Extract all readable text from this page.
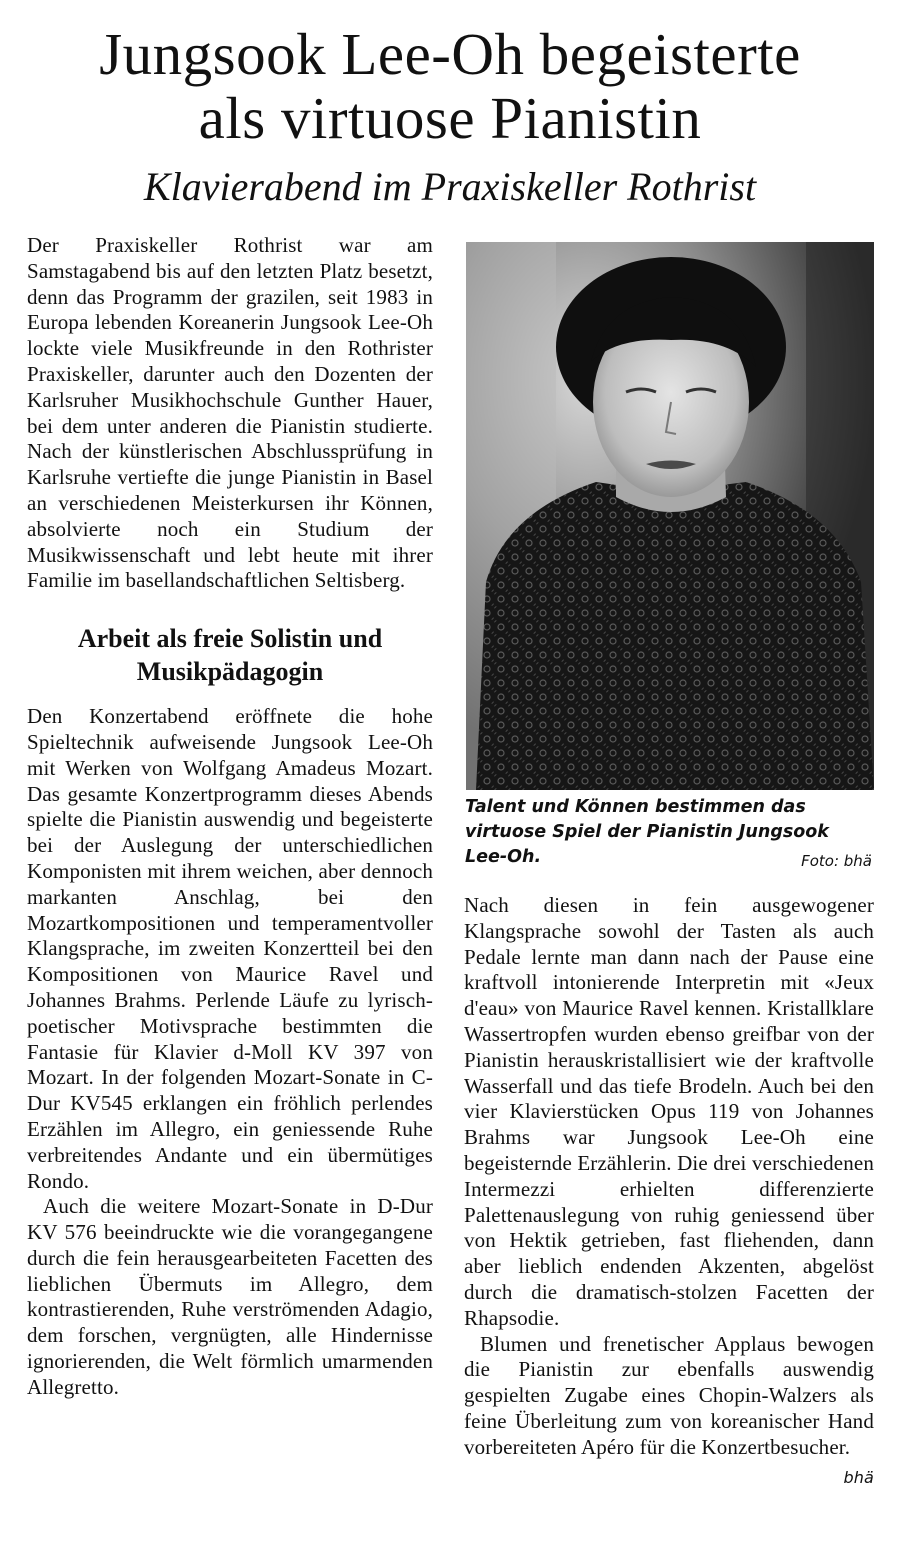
Jungsook Lee-Oh begeisterte
als virtuose Pianistin
Klavierabend im Praxiskeller Rothrist

Der Praxiskeller Rothrist war am Samstagabend bis auf den letzten Platz besetzt, denn das Programm der grazilen, seit 1983 in Europa lebenden Koreanerin Jungsook Lee-Oh lockte viele Musikfreunde in den Rothrister Praxiskeller, darunter auch den Dozenten der Karlsruher Musikhochschule Gunther Hauer, bei dem unter anderen die Pianistin studierte. Nach der künstlerischen Abschlussprüfung in Karlsruhe vertiefte die junge Pianistin in Basel an verschiedenen Meisterkursen ihr Können, absolvierte noch ein Studium der Musikwissenschaft und lebt heute mit ihrer Familie im basellandschaftlichen Seltisberg.

Arbeit als freie Solistin und
Musikpädagogin

Den Konzertabend eröffnete die hohe Spieltechnik aufweisende Jungsook Lee-Oh mit Werken von Wolfgang Amadeus Mozart. Das gesamte Konzertprogramm dieses Abends spielte die Pianistin auswendig und begeisterte bei der Auslegung der unterschiedlichen Komponisten mit ihrem weichen, aber dennoch markanten Anschlag, bei den Mozartkompositionen und temperamentvoller Klangsprache, im zweiten Konzertteil bei den Kompositionen von Maurice Ravel und Johannes Brahms. Perlende Läufe zu lyrisch-poetischer Motivsprache bestimmten die Fantasie für Klavier d-Moll KV 397 von Mozart. In der folgenden Mozart-Sonate in C-Dur KV545 erklangen ein fröhlich perlendes Erzählen im Allegro, ein geniessende Ruhe verbreitendes Andante und ein übermütiges Rondo.

Auch die weitere Mozart-Sonate in D-Dur KV 576 beeindruckte wie die vorangegangene durch die fein herausgearbeiteten Facetten des lieblichen Übermuts im Allegro, dem kontrastierenden, Ruhe verströmenden Adagio, dem forschen, vergnügten, alle Hindernisse ignorierenden, die Welt förmlich umarmenden Allegretto.

Talent und Können bestimmen das virtuose Spiel der Pianistin Jungsook Lee-Oh.	Foto: bhä

Nach diesen in fein ausgewogener Klangsprache sowohl der Tasten als auch Pedale lernte man dann nach der Pause eine kraftvoll intonierende Interpretin mit «Jeux d'eau» von Maurice Ravel kennen. Kristallklare Wassertropfen wurden ebenso greifbar von der Pianistin herauskristallisiert wie der kraftvolle Wasserfall und das tiefe Brodeln. Auch bei den vier Klavierstücken Opus 119 von Johannes Brahms war Jungsook Lee-Oh eine begeisternde Erzählerin. Die drei verschiedenen Intermezzi erhielten differenzierte Palettenauslegung von ruhig geniessend über von Hektik getrieben, fast fliehenden, dann aber lieblich endenden Akzenten, abgelöst durch die dramatisch-stolzen Facetten der Rhapsodie.

Blumen und frenetischer Applaus bewogen die Pianistin zur ebenfalls auswendig gespielten Zugabe eines Chopin-Walzers als feine Überleitung zum von koreanischer Hand vorbereiteten Apéro für die Konzertbesucher.
bhä
